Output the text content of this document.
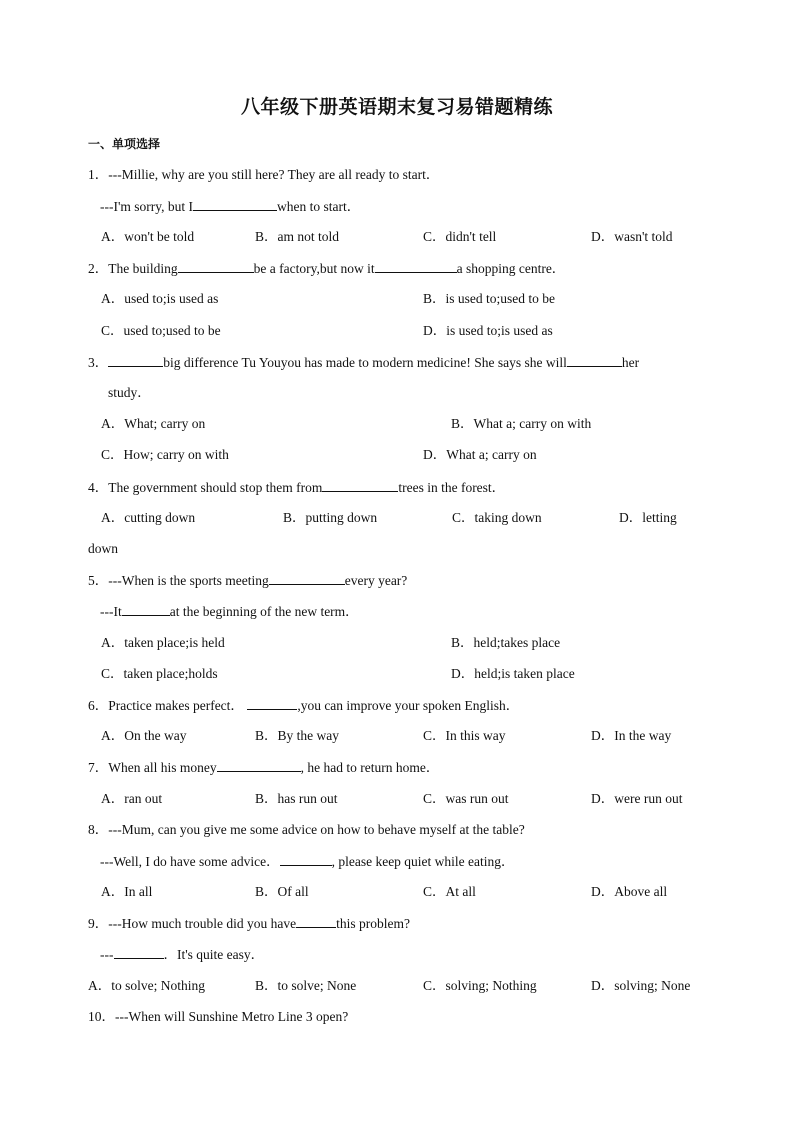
八年级下册英语期末复习易错题精练
一、单项选择
1．---Millie, why are you still here? They are all ready to start．
---I'm sorry, but I	when to start．
A．won't be told	B．am not told	C．didn't tell	D．wasn't told
2．The building	be a factory,but now it	a shopping centre．
A．used to;is used as	B．is used to;used to be
C．used to;used to be	D．is used to;is used as
3．	big difference Tu Youyou has made to modern medicine! She says she will	her
study．
A．What; carry on	B．What a; carry on with
C．How; carry on with	D．What a; carry on
4．The government should stop them from	trees in the forest．
A．cutting down	B．putting down	C．taking down	D．letting
down
5．---When is the sports meeting	every year?
---It	at the beginning of the new term．
A．taken place;is held	B．held;takes place
C．taken place;holds	D．held;is taken place
6．Practice makes perfect．	,you can improve your spoken English．
A．On the way	B．By the way	C．In this way	D．In the way
7．When all his money	, he had to return home．
A．ran out	B．has run out	C．was run out	D．were run out
8．---Mum, can you give me some advice on how to behave myself at the table?
---Well, I do have some advice．	, please keep quiet while eating．
A．In all	B．Of all	C．At all	D．Above all
9．---How much trouble did you have	this problem?
---	．It's quite easy．
A．to solve; Nothing	B．to solve; None	C．solving; Nothing	D．solving; None
10．---When will Sunshine Metro Line 3 open?
